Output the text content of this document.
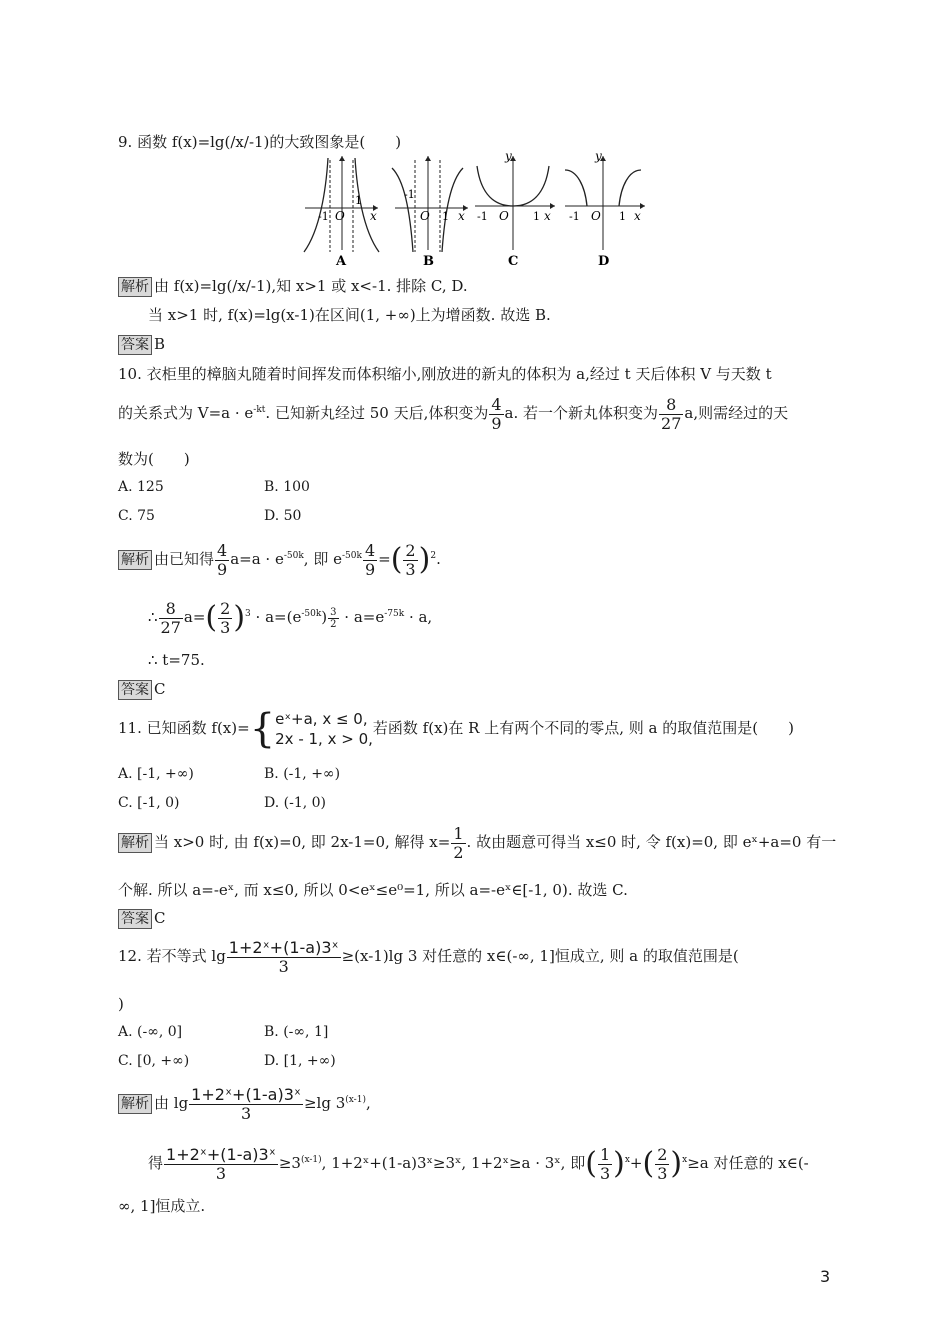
9. 函数 f(x)=lg(/x/-1)的大致图象是(　　)
-1 O
1
x
A
-1
O 1 x
B
y
-1 O 1 x
C
y
-1 O 1 x
D
解析 由 f(x)=lg(/x/-1),知 x>1 或 x<-1. 排除 C, D.
当 x>1 时, f(x)=lg(x-1)在区间(1, +∞)上为增函数. 故选 B.
答案 B
10. 衣柜里的樟脑丸随着时间挥发而体积缩小,刚放进的新丸的体积为 a,经过 t 天后体积 V 与天数 t
的关系式为 $V=a \cdot e^{-kt}$. 已知新丸经过 50 天后,体积变为 $\frac{4}{9} a$. 若一个新丸体积变为 $\frac{8}{27} a$,则需经过的天
数为(　　)
A. 125	B. 100
C. 75	D. 50
解析 由已知得 $\frac{4}{9} a=a \cdot e^{-50k}$, 即 $e^{-50k} \frac{4}{9}$ =( $\frac{2}{3} )^2$.
∴ $\frac{8}{27} a=( \frac{2}{3} )^3 \cdot a=(e^{-50k}) \frac{3}{2} \cdot a=e^{-75k} \cdot a$,
∴ t=75.
答案 C
11. 已知函数 f(x)={ eˣ+a, x ≤ 0,
2x - 1, x > 0,
若函数 f(x)在 R 上有两个不同的零点, 则 a 的取值范围是(　　)
A. [-1, +∞)	B. (-1, +∞)
C. [-1, 0)	D. (-1, 0)
解析 当 x>0 时, 由 f(x)=0, 即 2x-1=0, 解得 $x= \frac{1}{2}$ . 故由题意可得当 x≤0 时, 令 f(x)=0, 即 eˣ+a=0 有一
个解. 所以 a=-eˣ, 而 x≤0, 所以 0<eˣ≤e⁰=1, 所以 a=-eˣ∈[-1, 0). 故选 C.
答案 C
12. 若不等式 $\lg \frac{\text{1+2ˣ+(1-a)3ˣ}}{3} \ge(x-1)\lg$ 3 对任意的 x∈(-∞, 1]恒成立, 则 a 的取值范围是(
)
A. (-∞, 0]	B. (-∞, 1]
C. [0, +∞)	D. [1, +∞)
解析 由 $\lg \frac{\text{1+2ˣ+(1-a)3ˣ}}{3} \ge\lg$ 3$^{(x-1)}$,
得 $\frac{\text{1+2ˣ+(1-a)3ˣ}}{3} \ge 3^{(x-1)}$, 1+2ˣ+(1-a)3ˣ≥3ˣ, 1+2ˣ≥a · 3ˣ, 即( $\frac{1}{3} )^x+( \frac{2}{3} )^x\ge a$ 对任意的 x∈(-
∞, 1]恒成立.
3
